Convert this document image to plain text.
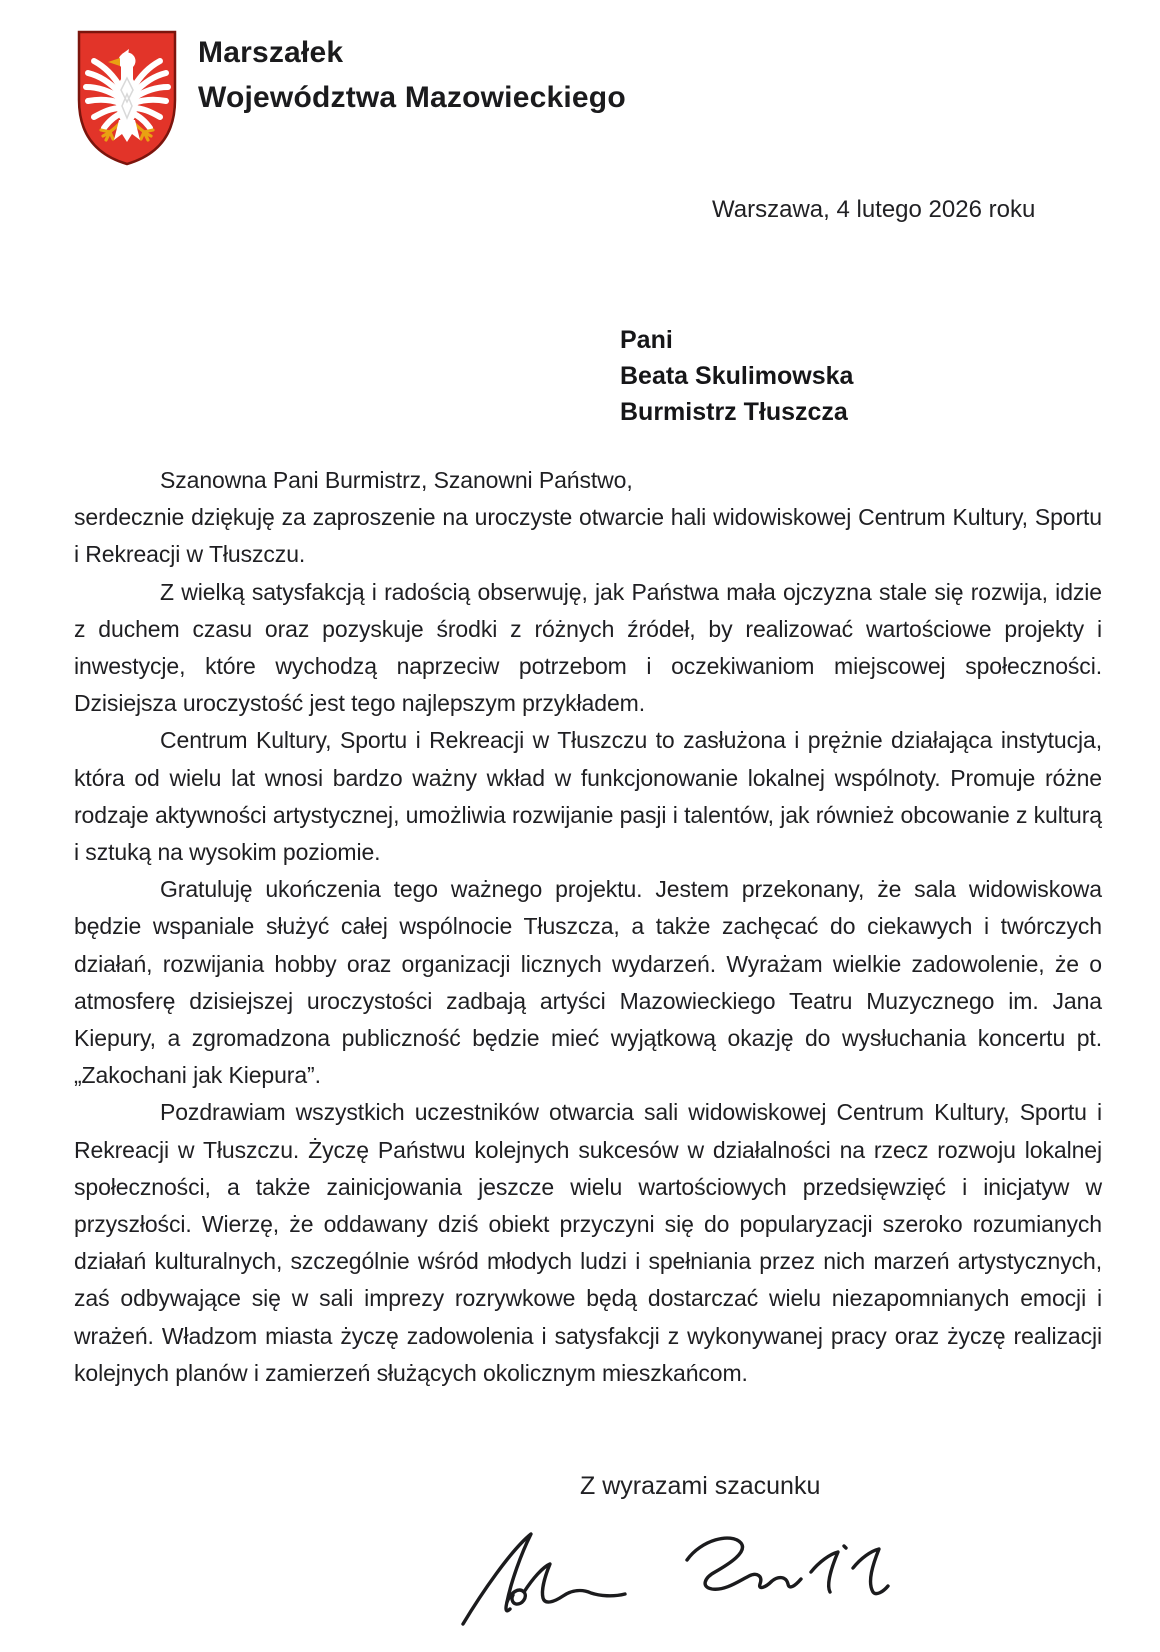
Marszałek
Województwa Mazowieckiego
Warszawa, 4 lutego 2026 roku
Pani
Beata Skulimowska
Burmistrz Tłuszcza

Szanowna Pani Burmistrz, Szanowni Państwo,

serdecznie dziękuję za zaproszenie na uroczyste otwarcie hali widowiskowej Centrum Kultury, Sportu i Rekreacji w Tłuszczu.

Z wielką satysfakcją i radością obserwuję, jak Państwa mała ojczyzna stale się rozwija, idzie z duchem czasu oraz pozyskuje środki z różnych źródeł, by realizować wartościowe projekty i inwestycje, które wychodzą naprzeciw potrzebom i oczekiwaniom miejscowej społeczności. Dzisiejsza uroczystość jest tego najlepszym przykładem.

Centrum Kultury, Sportu i Rekreacji w Tłuszczu to zasłużona i prężnie działająca instytucja, która od wielu lat wnosi bardzo ważny wkład w funkcjonowanie lokalnej wspólnoty. Promuje różne rodzaje aktywności artystycznej, umożliwia rozwijanie pasji i talentów, jak również obcowanie z kulturą i sztuką na wysokim poziomie.

Gratuluję ukończenia tego ważnego projektu. Jestem przekonany, że sala widowiskowa będzie wspaniale służyć całej wspólnocie Tłuszcza, a także zachęcać do ciekawych i twórczych działań, rozwijania hobby oraz organizacji licznych wydarzeń. Wyrażam wielkie zadowolenie, że o atmosferę dzisiejszej uroczystości zadbają artyści Mazowieckiego Teatru Muzycznego im. Jana Kiepury, a zgromadzona publiczność będzie mieć wyjątkową okazję do wysłuchania koncertu pt. „Zakochani jak Kiepura”.

Pozdrawiam wszystkich uczestników otwarcia sali widowiskowej Centrum Kultury, Sportu i Rekreacji w Tłuszczu. Życzę Państwu kolejnych sukcesów w działalności na rzecz rozwoju lokalnej społeczności, a także zainicjowania jeszcze wielu wartościowych przedsięwzięć i inicjatyw w przyszłości. Wierzę, że oddawany dziś obiekt przyczyni się do popularyzacji szeroko rozumianych działań kulturalnych, szczególnie wśród młodych ludzi i spełniania przez nich marzeń artystycznych, zaś odbywające się w sali imprezy rozrywkowe będą dostarczać wielu niezapomnianych emocji i wrażeń. Władzom miasta życzę zadowolenia i satysfakcji z wykonywanej pracy oraz życzę realizacji kolejnych planów i zamierzeń służących okolicznym mieszkańcom.

Z wyrazami szacunku
